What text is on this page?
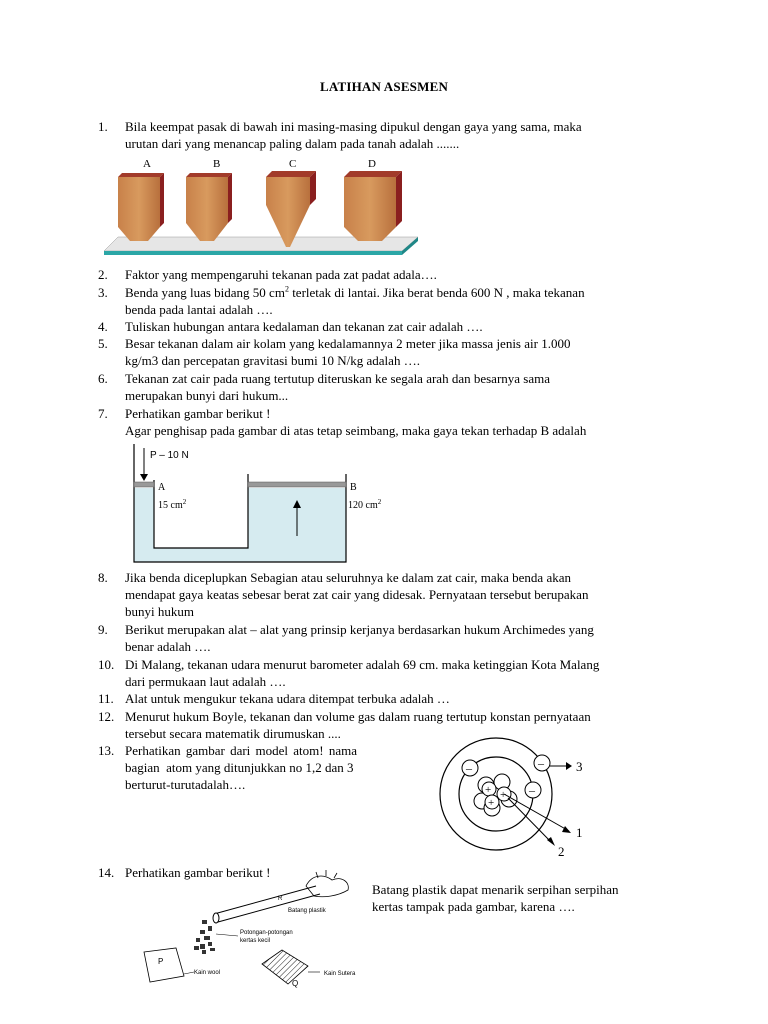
LATIHAN ASESMEN
1.	Bila keempat pasak di bawah ini masing-masing dipukul dengan gaya yang sama, maka
urutan dari yang menancap paling dalam pada tanah adalah .......
A	B	C	D
2.	Faktor yang mempengaruhi tekanan pada zat padat adala….
3.	Benda yang luas bidang 50 $cm^2$ terletak di lantai. Jika berat benda 600 N , maka tekanan
benda pada lantai adalah ….
4.	Tuliskan hubungan antara kedalaman dan tekanan zat cair adalah ….
5.	Besar tekanan dalam air kolam yang kedalamannya 2 meter jika massa jenis air 1.000
kg/m3 dan percepatan gravitasi bumi 10 N/kg adalah ….
6.	Tekanan zat cair pada ruang tertutup diteruskan ke segala arah dan besarnya sama
merupakan bunyi dari hukum...
7.	Perhatikan gambar berikut !
Agar penghisap pada gambar di atas tetap seimbang, maka gaya tekan terhadap B adalah
P – 10 N
A
15 $cm^2$
B
120 $cm^2$
8.	Jika benda diceplupkan Sebagian atau seluruhnya ke dalam zat cair, maka benda akan
mendapat gaya keatas sebesar berat zat cair yang didesak. Pernyataan tersebut berupakan
bunyi hukum
9.	Berikut merupakan alat – alat yang prinsip kerjanya berdasarkan hukum Archimedes yang
benar adalah ….
10. Di Malang, tekanan udara menurut barometer adalah 69 cm. maka ketinggian Kota Malang
dari permukaan laut adalah ….
11. Alat untuk mengukur tekana udara ditempat terbuka adalah …
12. Menurut hukum Boyle, tekanan dan volume gas dalam ruang tertutup konstan pernyataan
tersebut secara matematik dirumuskan ....
13. Perhatikan gambar dari model atom! nama
bagian  atom yang ditunjukkan no 1,2 dan 3
berturut-turutadalah….	+ +
+
–	–
–
3
1
2
14. Perhatikan gambar berikut !
Batang plastik dapat menarik serpihan serpihan
kertas tampak pada gambar, karena ….
R
Batang plastik
Potongan-potongan
kertas kecil
P
Kain wool
Q
Kain Sutera
